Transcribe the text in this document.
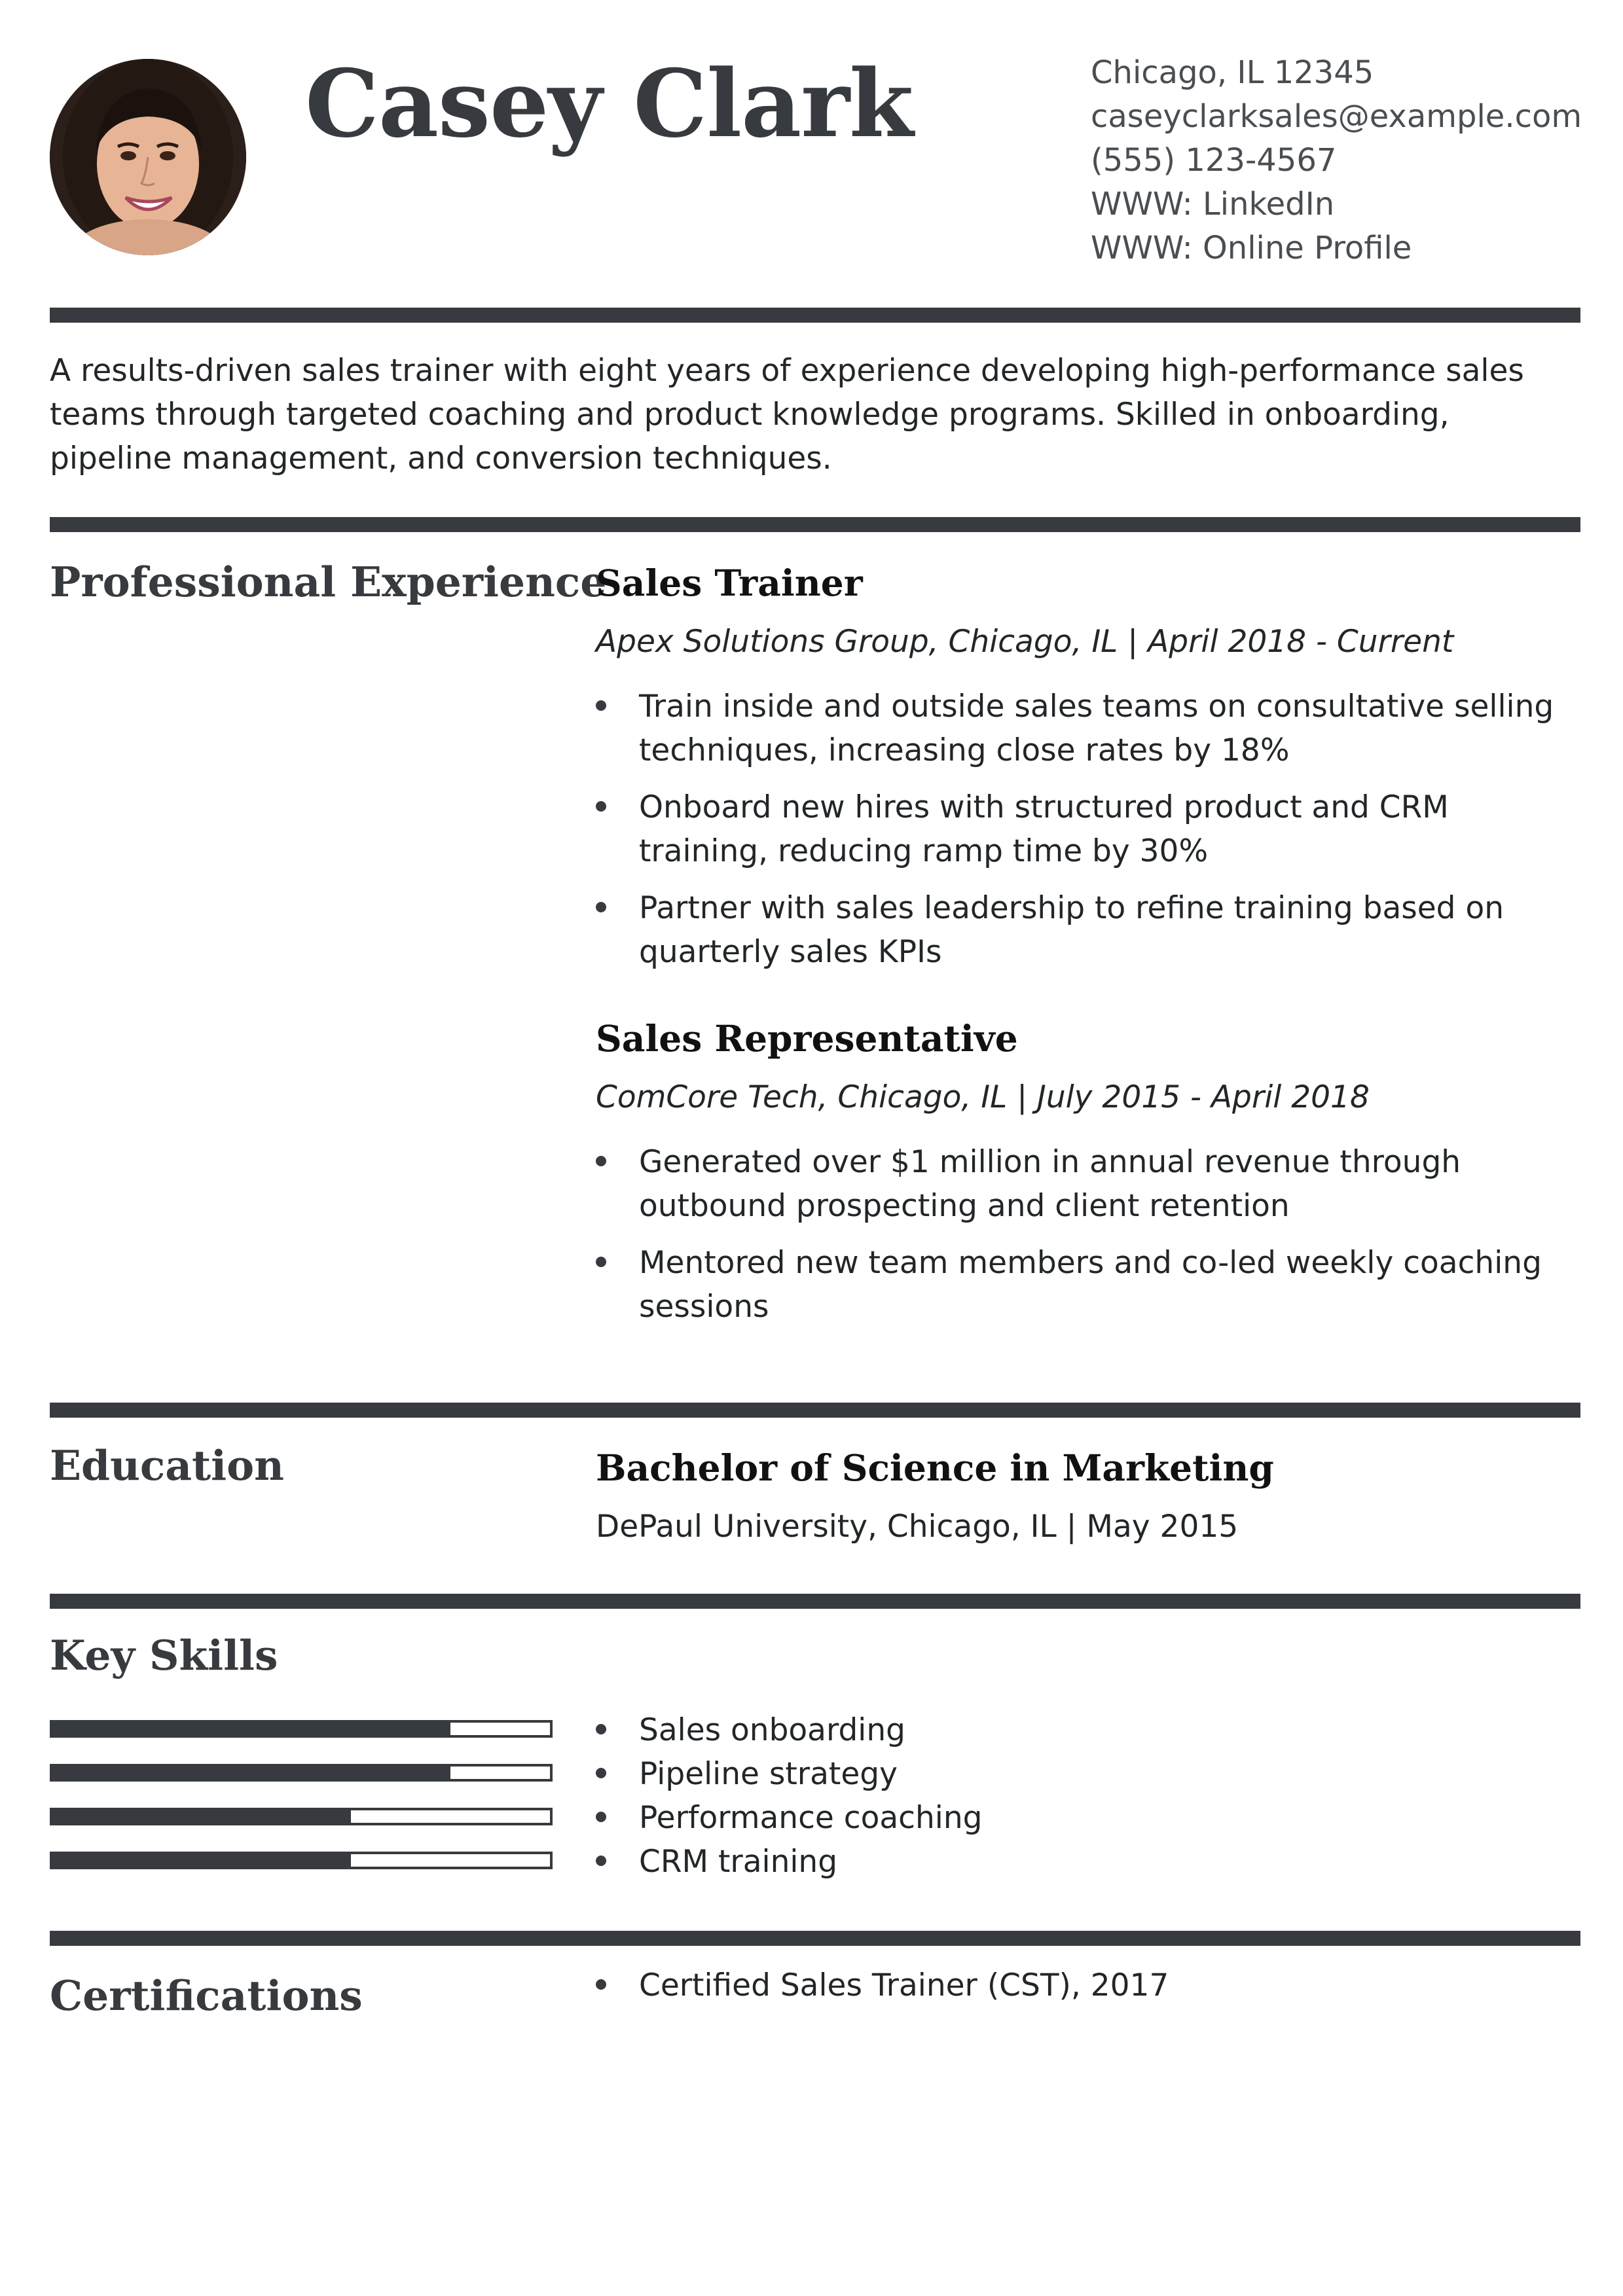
Casey Clark	Chicago, IL 12345
caseyclarksales@example.com
(555) 123-4567
WWW: LinkedIn
WWW: Online Profile
A results-driven sales trainer with eight years of experience developing high-performance sales teams through targeted coaching and product knowledge programs. Skilled in onboarding, pipeline management, and conversion techniques.
Professional Experience
Sales Trainer
Apex Solutions Group, Chicago, IL | April 2018 - Current
Train inside and outside sales teams on consultative selling techniques, increasing close rates by 18%
Onboard new hires with structured product and CRM training, reducing ramp time by 30%
Partner with sales leadership to refine training based on quarterly sales KPIs
Sales Representative
ComCore Tech, Chicago, IL | July 2015 - April 2018
Generated over $1 million in annual revenue through outbound prospecting and client retention
Mentored new team members and co-led weekly coaching sessions
Education	Bachelor of Science in Marketing
DePaul University, Chicago, IL | May 2015
Key Skills
Sales onboarding
Pipeline strategy
Performance coaching
CRM training
Certifications	Certified Sales Trainer (CST), 2017
